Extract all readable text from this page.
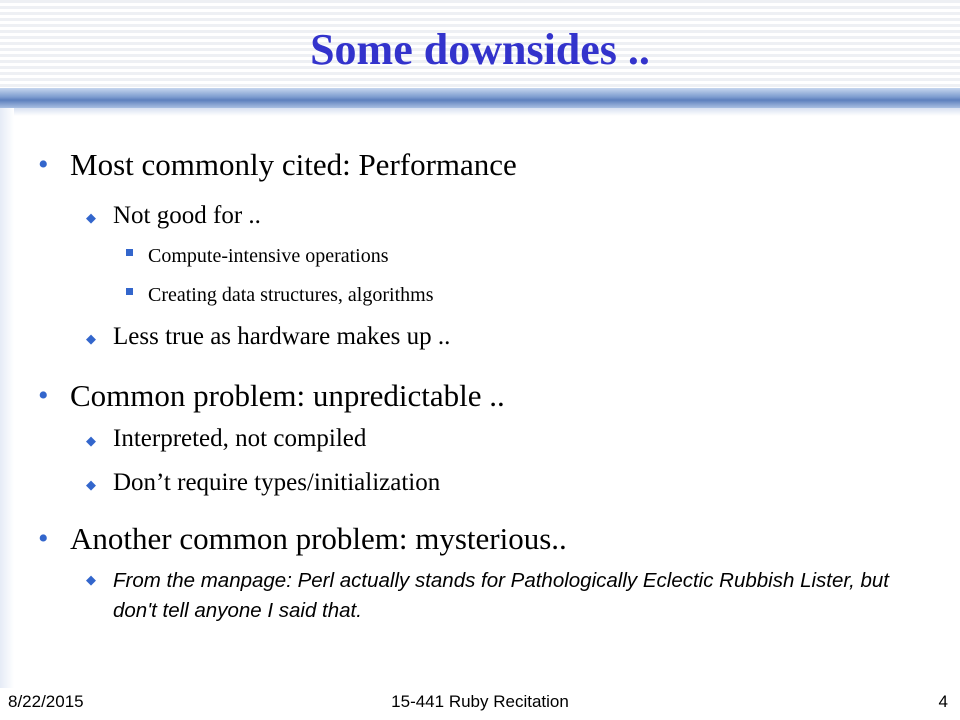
Some downsides ..
• Most commonly cited: Performance
◆ Not good for ..
Compute-intensive operations
Creating data structures, algorithms
◆ Less true as hardware makes up ..
• Common problem: unpredictable ..
◆ Interpreted, not compiled
◆ Don’t require types/initialization
• Another common problem: mysterious..
◆ From the manpage: Perl actually stands for Pathologically Eclectic Rubbish Lister, but don't tell anyone I said that.
15-441 Ruby Recitation
8/22/2015	4
